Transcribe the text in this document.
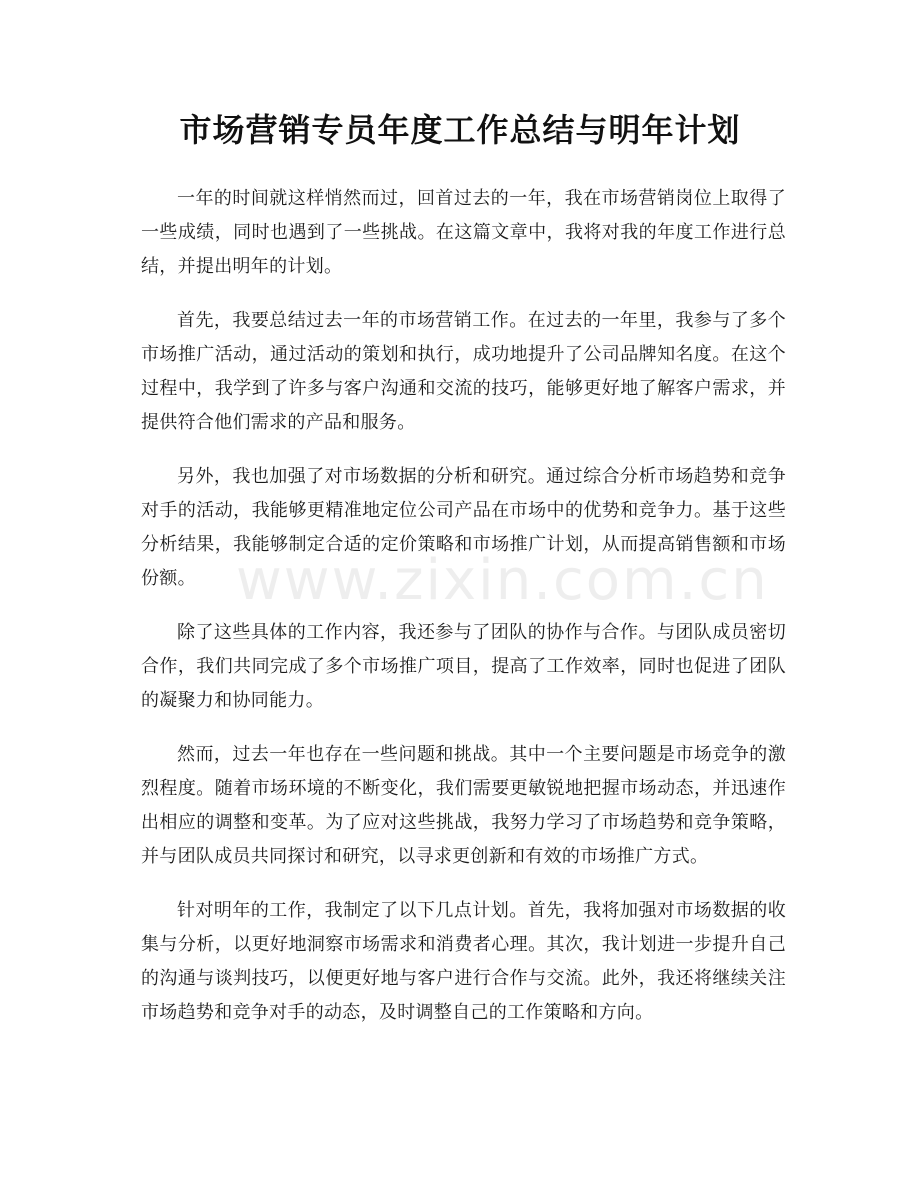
市场营销专员年度工作总结与明年计划

一年的时间就这样悄然而过，回首过去的一年，我在市场营销岗位上取得了一些成绩，同时也遇到了一些挑战。在这篇文章中，我将对我的年度工作进行总结，并提出明年的计划。

首先，我要总结过去一年的市场营销工作。在过去的一年里，我参与了多个市场推广活动，通过活动的策划和执行，成功地提升了公司品牌知名度。在这个过程中，我学到了许多与客户沟通和交流的技巧，能够更好地了解客户需求，并提供符合他们需求的产品和服务。

另外，我也加强了对市场数据的分析和研究。通过综合分析市场趋势和竞争对手的活动，我能够更精准地定位公司产品在市场中的优势和竞争力。基于这些分析结果，我能够制定合适的定价策略和市场推广计划，从而提高销售额和市场份额。

除了这些具体的工作内容，我还参与了团队的协作与合作。与团队成员密切合作，我们共同完成了多个市场推广项目，提高了工作效率，同时也促进了团队的凝聚力和协同能力。

然而，过去一年也存在一些问题和挑战。其中一个主要问题是市场竞争的激烈程度。随着市场环境的不断变化，我们需要更敏锐地把握市场动态，并迅速作出相应的调整和变革。为了应对这些挑战，我努力学习了市场趋势和竞争策略，并与团队成员共同探讨和研究，以寻求更创新和有效的市场推广方式。

针对明年的工作，我制定了以下几点计划。首先，我将加强对市场数据的收集与分析，以更好地洞察市场需求和消费者心理。其次，我计划进一步提升自己的沟通与谈判技巧，以便更好地与客户进行合作与交流。此外，我还将继续关注市场趋势和竞争对手的动态，及时调整自己的工作策略和方向。

www.zixin.com.cn
